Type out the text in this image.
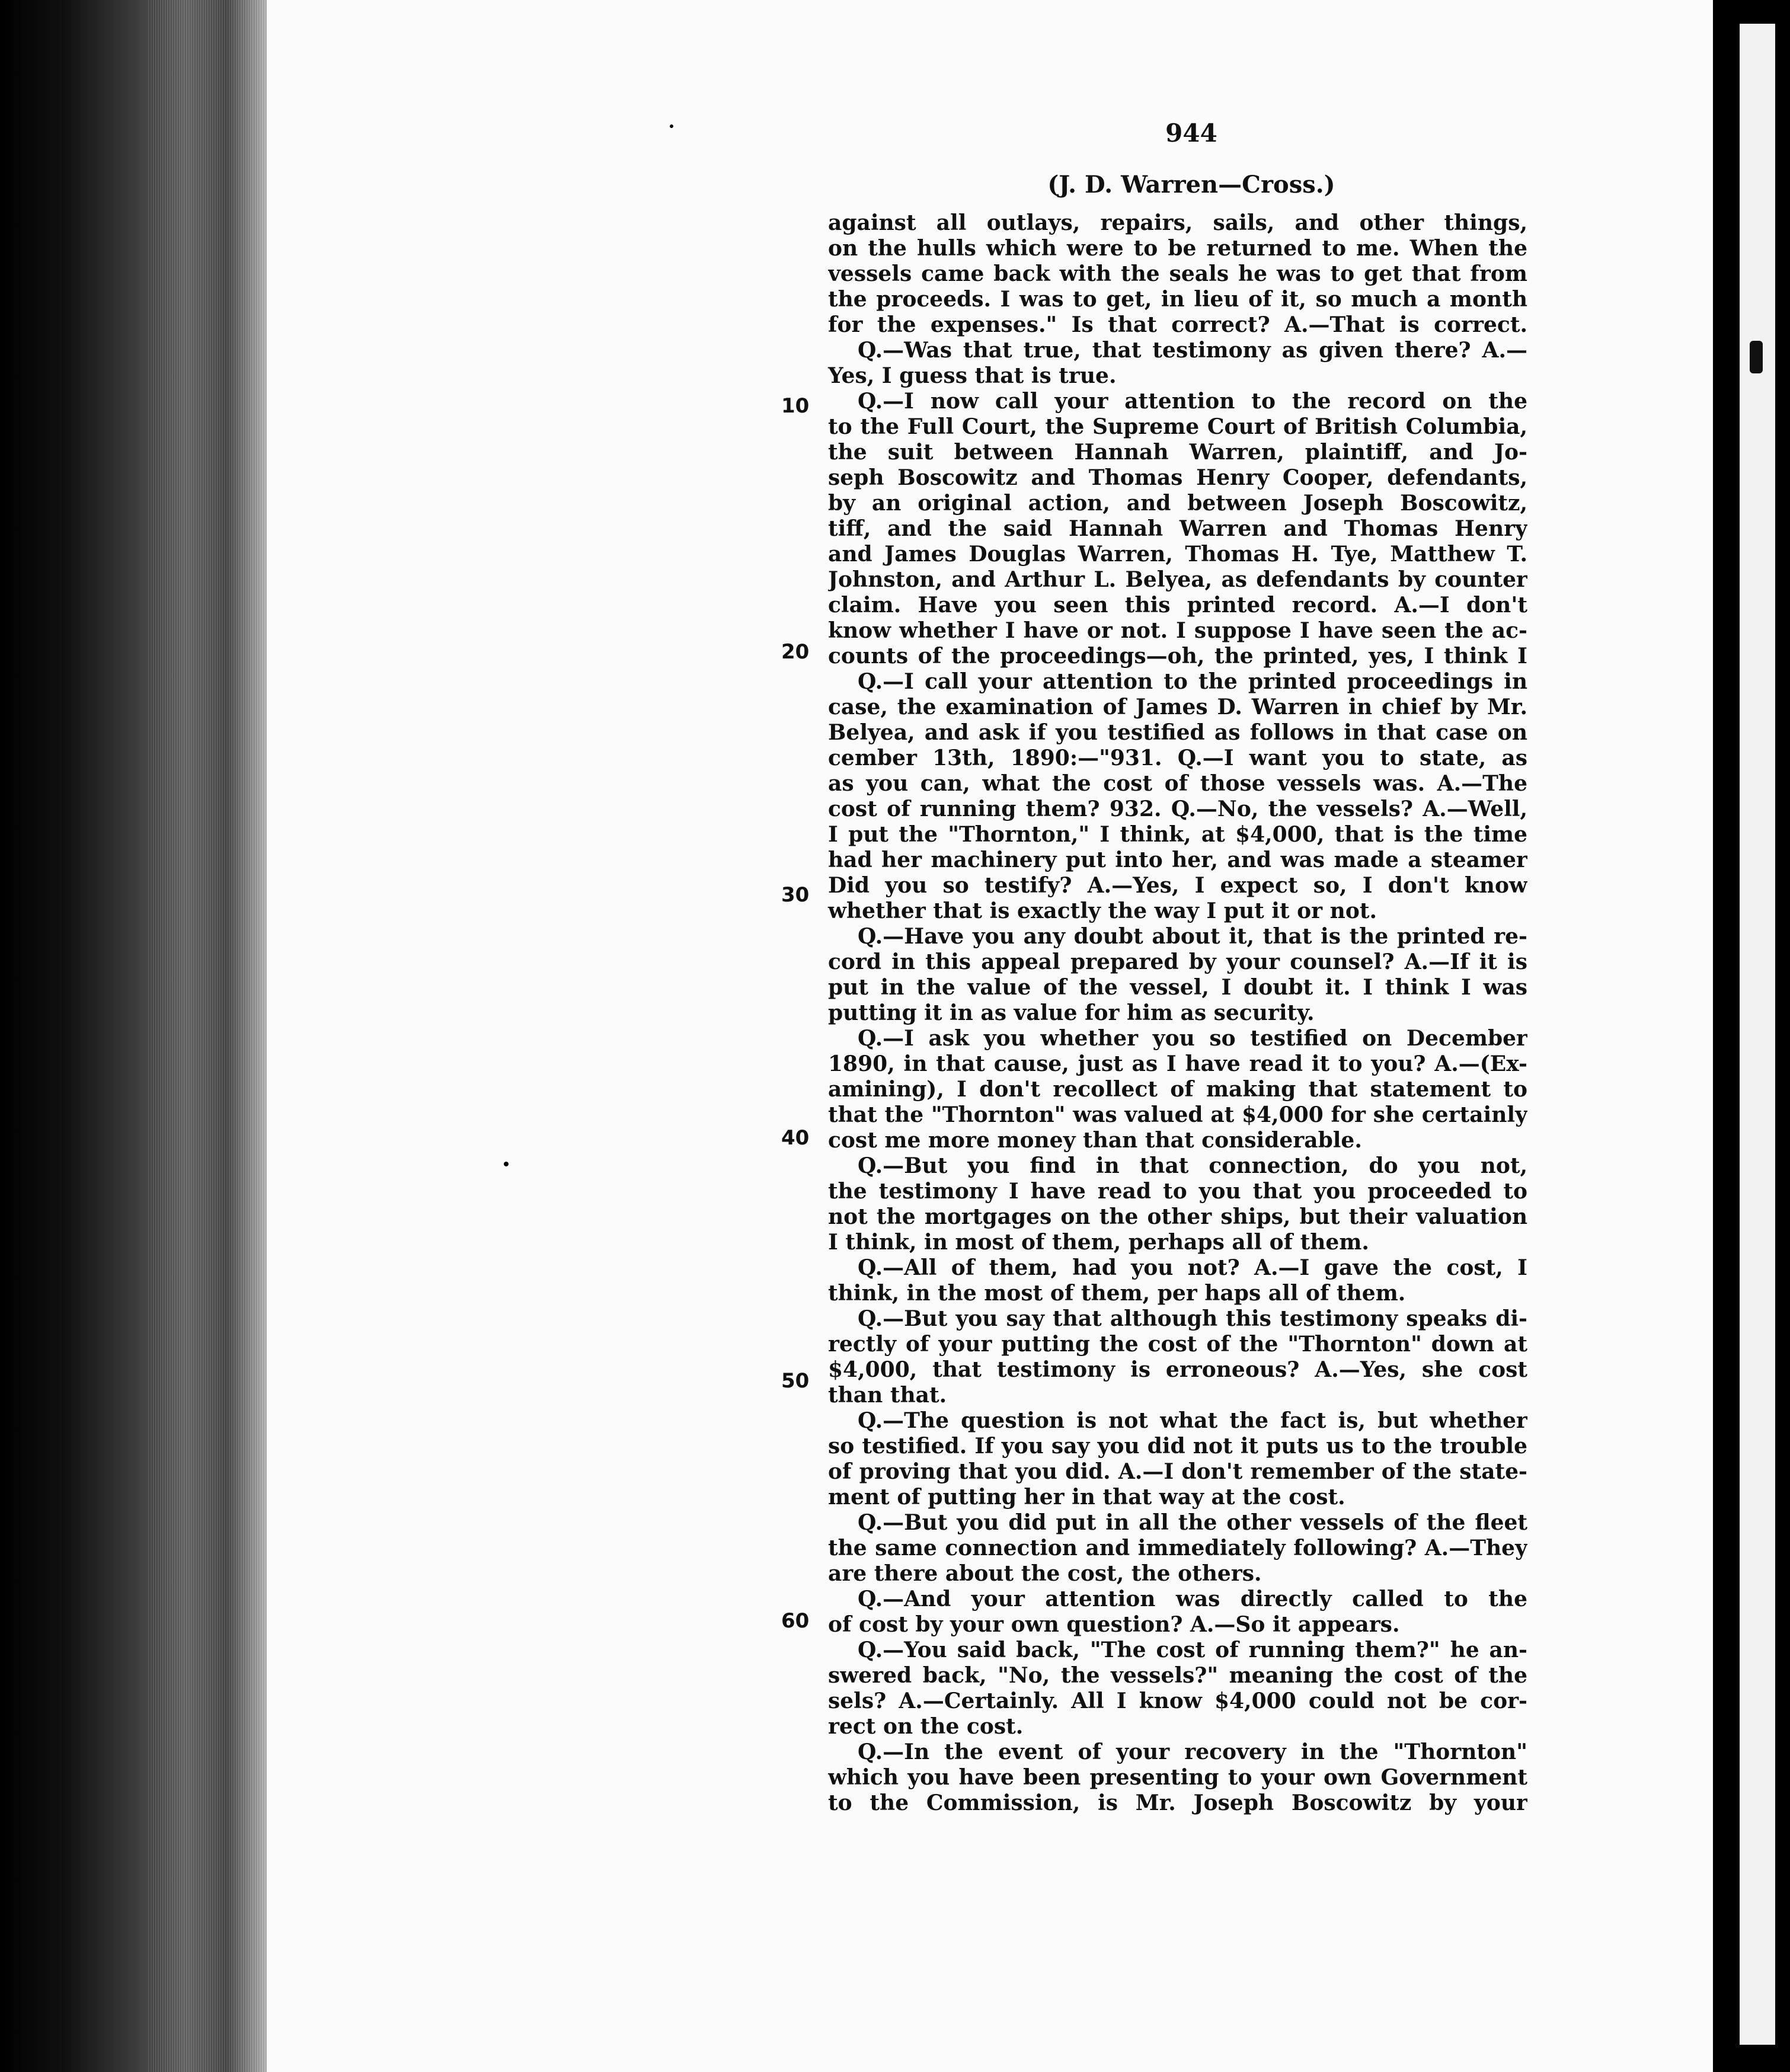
944
(J. D. Warren—Cross.)
10
20
30
40
50
60
against all outlays, repairs, sails, and other things,
on the hulls which were to be returned to me. When the
vessels came back with the seals he was to get that from
the proceeds. I was to get, in lieu of it, so much a month
for the expenses." Is that correct? A.—That is correct.
Q.—Was that true, that testimony as given there? A.—
Yes, I guess that is true.
Q.—I now call your attention to the record on the
to the Full Court, the Supreme Court of British Columbia,
the suit between Hannah Warren, plaintiff, and Jo-
seph Boscowitz and Thomas Henry Cooper, defendants,
by an original action, and between Joseph Boscowitz,
tiff, and the said Hannah Warren and Thomas Henry
and James Douglas Warren, Thomas H. Tye, Matthew T.
Johnston, and Arthur L. Belyea, as defendants by counter
claim. Have you seen this printed record. A.—I don't
know whether I have or not. I suppose I have seen the ac-
counts of the proceedings—oh, the printed, yes, I think I
Q.—I call your attention to the printed proceedings in
case, the examination of James D. Warren in chief by Mr.
Belyea, and ask if you testified as follows in that case on
cember 13th, 1890:—"931. Q.—I want you to state, as
as you can, what the cost of those vessels was. A.—The
cost of running them? 932. Q.—No, the vessels? A.—Well,
I put the "Thornton," I think, at $4,000, that is the time
had her machinery put into her, and was made a steamer
Did you so testify? A.—Yes, I expect so, I don't know
whether that is exactly the way I put it or not.
Q.—Have you any doubt about it, that is the printed re-
cord in this appeal prepared by your counsel? A.—If it is
put in the value of the vessel, I doubt it. I think I was
putting it in as value for him as security.
Q.—I ask you whether you so testified on December
1890, in that cause, just as I have read it to you? A.—(Ex-
amining), I don't recollect of making that statement to
that the "Thornton" was valued at $4,000 for she certainly
cost me more money than that considerable.
Q.—But you find in that connection, do you not,
the testimony I have read to you that you proceeded to
not the mortgages on the other ships, but their valuation
I think, in most of them, perhaps all of them.
Q.—All of them, had you not? A.—I gave the cost, I
think, in the most of them, per haps all of them.
Q.—But you say that although this testimony speaks di-
rectly of your putting the cost of the "Thornton" down at
$4,000, that testimony is erroneous? A.—Yes, she cost
than that.
Q.—The question is not what the fact is, but whether
so testified. If you say you did not it puts us to the trouble
of proving that you did. A.—I don't remember of the state-
ment of putting her in that way at the cost.
Q.—But you did put in all the other vessels of the fleet
the same connection and immediately following? A.—They
are there about the cost, the others.
Q.—And your attention was directly called to the
of cost by your own question? A.—So it appears.
Q.—You said back, "The cost of running them?" he an-
swered back, "No, the vessels?" meaning the cost of the
sels? A.—Certainly. All I know $4,000 could not be cor-
rect on the cost.
Q.—In the event of your recovery in the "Thornton"
which you have been presenting to your own Government
to the Commission, is Mr. Joseph Boscowitz by your
